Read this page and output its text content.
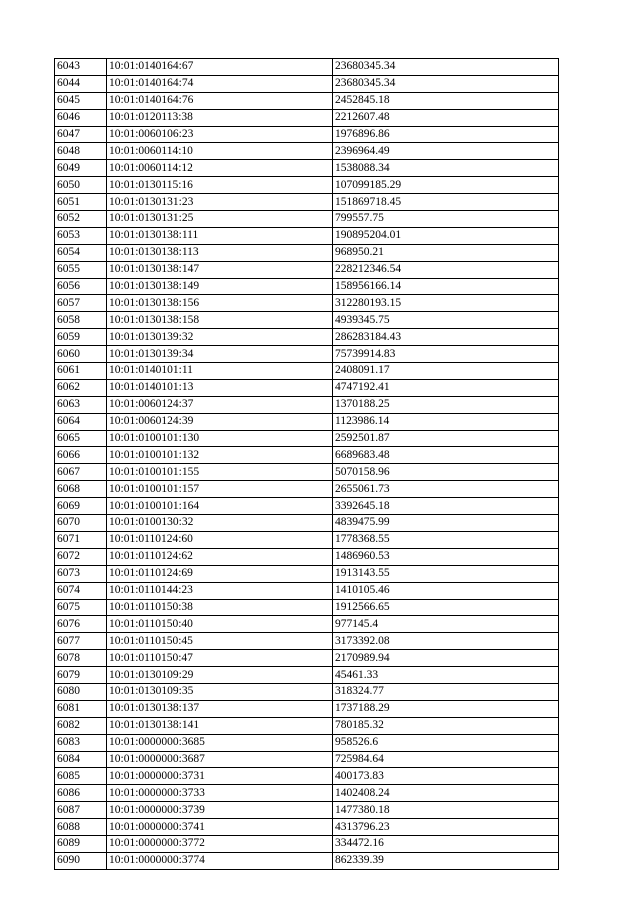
6043	10:01:0140164:67	23680345.34
6044	10:01:0140164:74	23680345.34
6045	10:01:0140164:76	2452845.18
6046	10:01:0120113:38	2212607.48
6047	10:01:0060106:23	1976896.86
6048	10:01:0060114:10	2396964.49
6049	10:01:0060114:12	1538088.34
6050	10:01:0130115:16	107099185.29
6051	10:01:0130131:23	151869718.45
6052	10:01:0130131:25	799557.75
6053	10:01:0130138:111	190895204.01
6054	10:01:0130138:113	968950.21
6055	10:01:0130138:147	228212346.54
6056	10:01:0130138:149	158956166.14
6057	10:01:0130138:156	312280193.15
6058	10:01:0130138:158	4939345.75
6059	10:01:0130139:32	286283184.43
6060	10:01:0130139:34	75739914.83
6061	10:01:0140101:11	2408091.17
6062	10:01:0140101:13	4747192.41
6063	10:01:0060124:37	1370188.25
6064	10:01:0060124:39	1123986.14
6065	10:01:0100101:130	2592501.87
6066	10:01:0100101:132	6689683.48
6067	10:01:0100101:155	5070158.96
6068	10:01:0100101:157	2655061.73
6069	10:01:0100101:164	3392645.18
6070	10:01:0100130:32	4839475.99
6071	10:01:0110124:60	1778368.55
6072	10:01:0110124:62	1486960.53
6073	10:01:0110124:69	1913143.55
6074	10:01:0110144:23	1410105.46
6075	10:01:0110150:38	1912566.65
6076	10:01:0110150:40	977145.4
6077	10:01:0110150:45	3173392.08
6078	10:01:0110150:47	2170989.94
6079	10:01:0130109:29	45461.33
6080	10:01:0130109:35	318324.77
6081	10:01:0130138:137	1737188.29
6082	10:01:0130138:141	780185.32
6083	10:01:0000000:3685	958526.6
6084	10:01:0000000:3687	725984.64
6085	10:01:0000000:3731	400173.83
6086	10:01:0000000:3733	1402408.24
6087	10:01:0000000:3739	1477380.18
6088	10:01:0000000:3741	4313796.23
6089	10:01:0000000:3772	334472.16
6090	10:01:0000000:3774	862339.39
